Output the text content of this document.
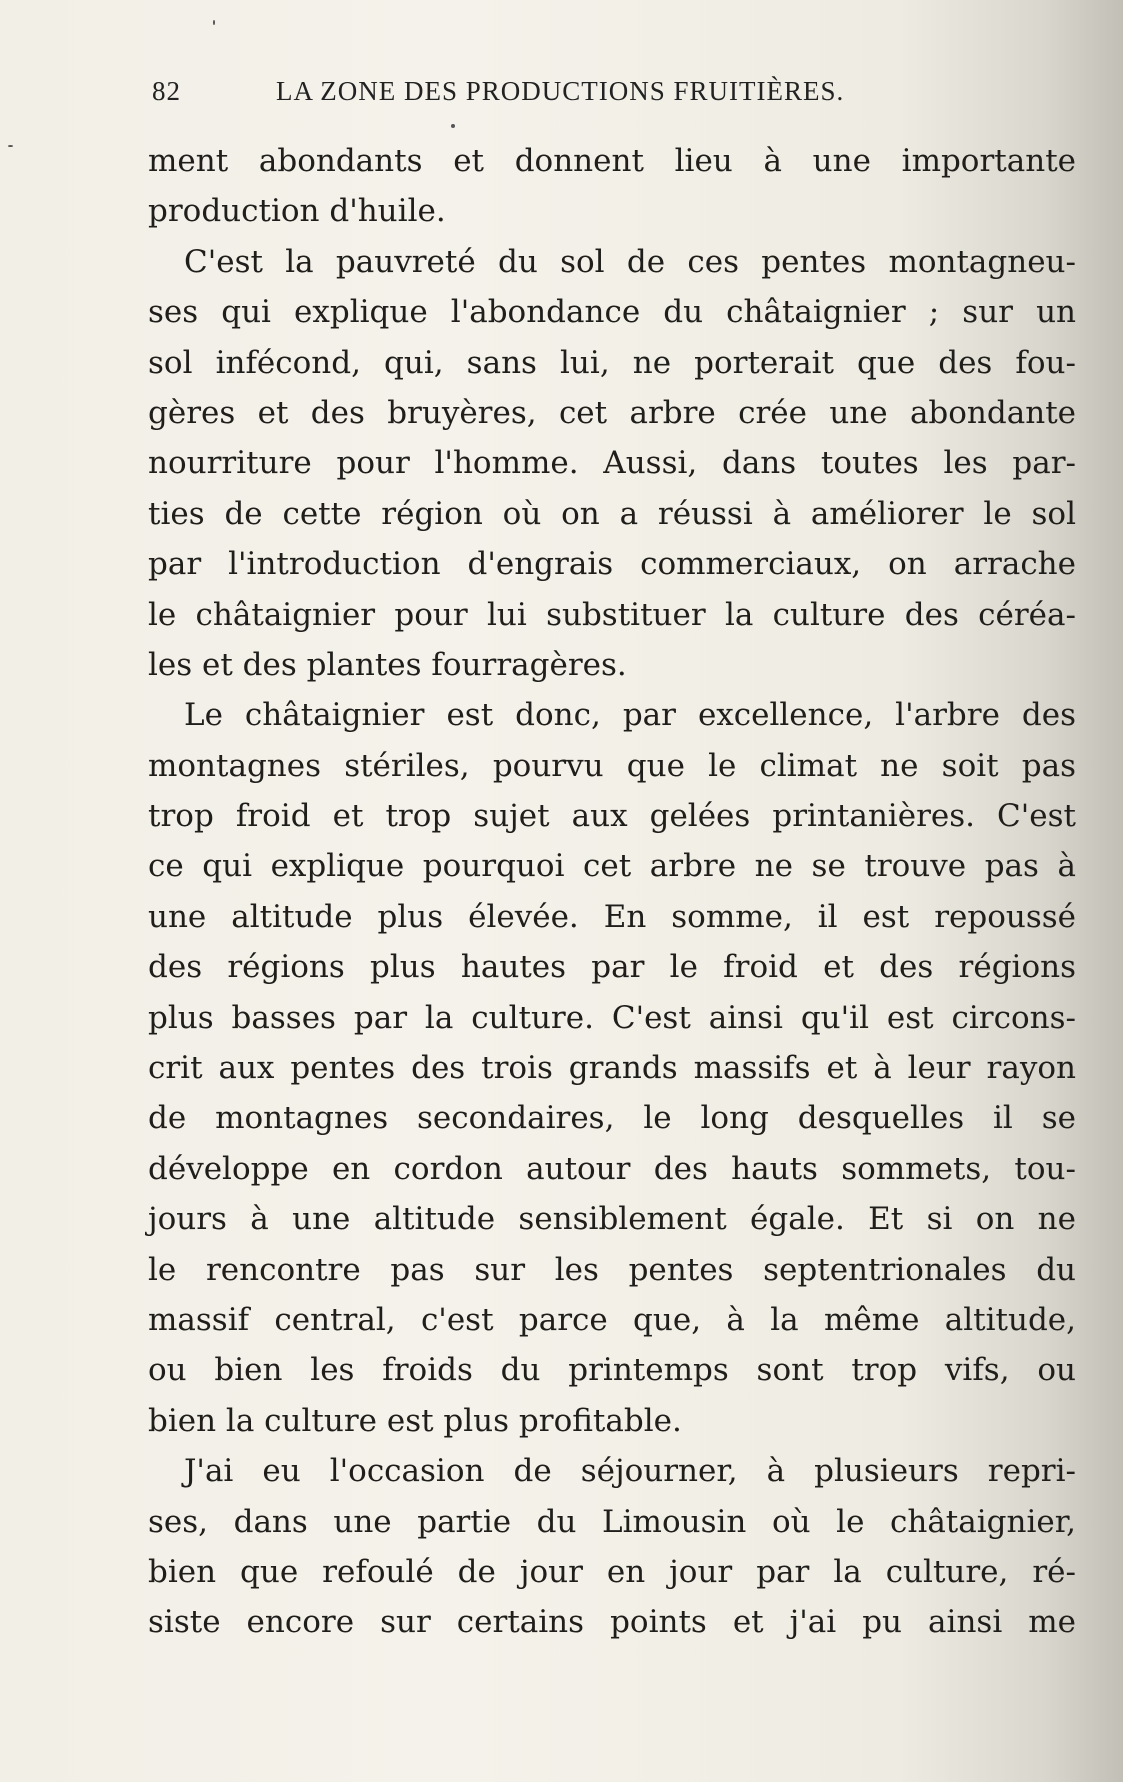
82	LA ZONE DES PRODUCTIONS FRUITIÈRES.
ment abondants et donnent lieu à une importante
production d'huile.
C'est la pauvreté du sol de ces pentes montagneu-
ses qui explique l'abondance du châtaignier ; sur un
sol infécond, qui, sans lui, ne porterait que des fou-
gères et des bruyères, cet arbre crée une abondante
nourriture pour l'homme. Aussi, dans toutes les par-
ties de cette région où on a réussi à améliorer le sol
par l'introduction d'engrais commerciaux, on arrache
le châtaignier pour lui substituer la culture des céréa-
les et des plantes fourragères.
Le châtaignier est donc, par excellence, l'arbre des
montagnes stériles, pourvu que le climat ne soit pas
trop froid et trop sujet aux gelées printanières. C'est
ce qui explique pourquoi cet arbre ne se trouve pas à
une altitude plus élevée. En somme, il est repoussé
des régions plus hautes par le froid et des régions
plus basses par la culture. C'est ainsi qu'il est circons-
crit aux pentes des trois grands massifs et à leur rayon
de montagnes secondaires, le long desquelles il se
développe en cordon autour des hauts sommets, tou-
jours à une altitude sensiblement égale. Et si on ne
le rencontre pas sur les pentes septentrionales du
massif central, c'est parce que, à la même altitude,
ou bien les froids du printemps sont trop vifs, ou
bien la culture est plus profitable.
J'ai eu l'occasion de séjourner, à plusieurs repri-
ses, dans une partie du Limousin où le châtaignier,
bien que refoulé de jour en jour par la culture, ré-
siste encore sur certains points et j'ai pu ainsi me
